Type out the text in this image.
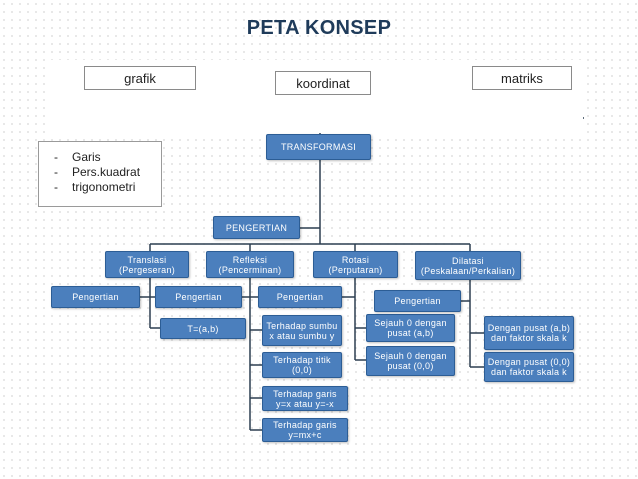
PETA KONSEP
grafik	koordinat	matriks
- Garis
- Pers.kuadrat
- trigonometri
TRANSFORMASI
PENGERTIAN
Translasi (Pergeseran)
Refleksi (Pencerminan)
Rotasi (Perputaran)
Dilatasi (Peskalaan/Perkalian)
Pengertian	Pengertian
T=(a,b)
Pengertian
Terhadap sumbu x atau sumbu y
Terhadap titik (0,0)
Terhadap garis y=x atau y=-x
Terhadap garis y=mx+c
Sejauh 0 dengan pusat (a,b)
Sejauh 0 dengan pusat (0,0)
Pengertian
Dengan pusat (a,b) dan faktor skala k
Dengan pusat (0,0) dan faktor skala k
